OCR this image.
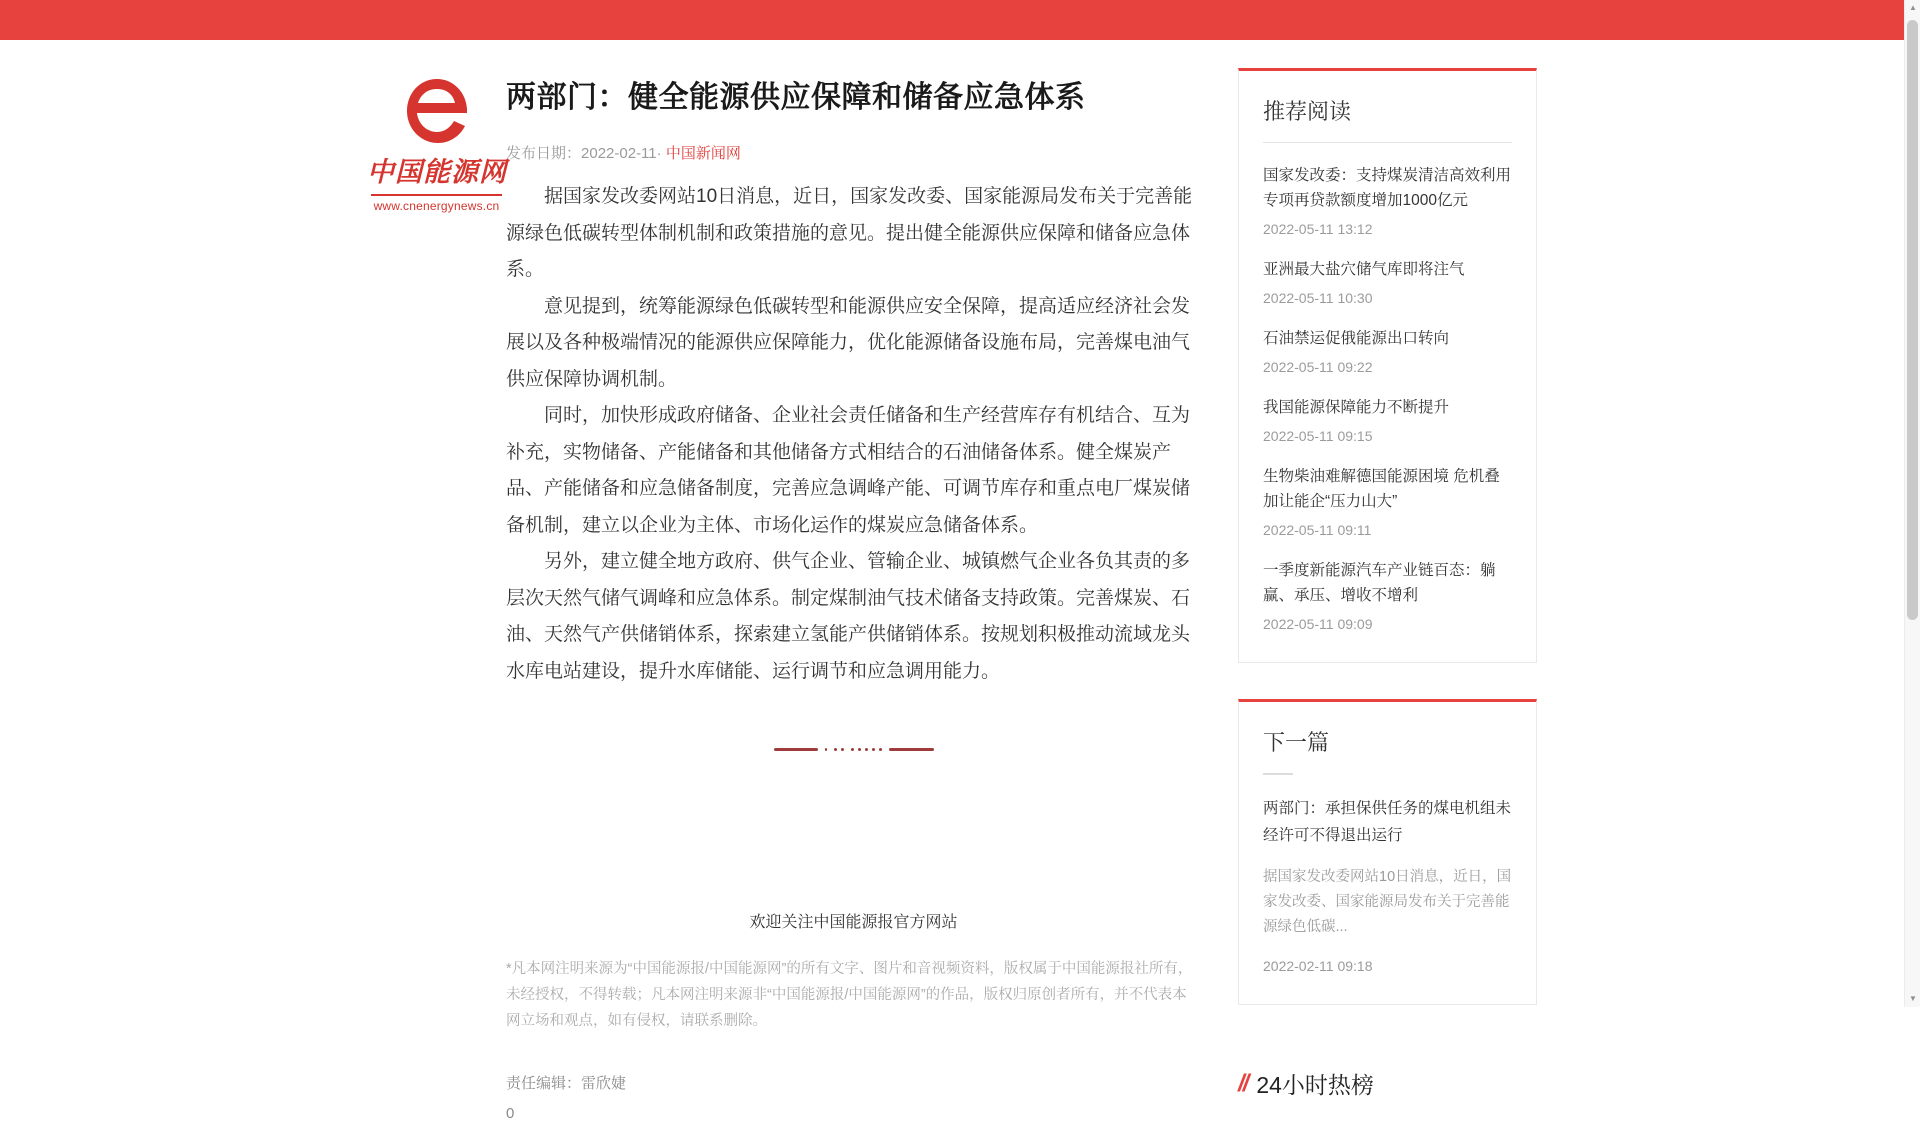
中国能源网
www.cnenergynews.cn
两部门：健全能源供应保障和储备应急体系
发布日期：2022-02-11· 中国新闻网

据国家发改委网站10日消息，近日，国家发改委、国家能源局发布关于完善能源绿色低碳转型体制机制和政策措施的意见。提出健全能源供应保障和储备应急体系。

意见提到，统筹能源绿色低碳转型和能源供应安全保障，提高适应经济社会发展以及各种极端情况的能源供应保障能力，优化能源储备设施布局，完善煤电油气供应保障协调机制。

同时，加快形成政府储备、企业社会责任储备和生产经营库存有机结合、互为补充，实物储备、产能储备和其他储备方式相结合的石油储备体系。健全煤炭产品、产能储备和应急储备制度，完善应急调峰产能、可调节库存和重点电厂煤炭储备机制，建立以企业为主体、市场化运作的煤炭应急储备体系。

另外，建立健全地方政府、供气企业、管输企业、城镇燃气企业各负其责的多层次天然气储气调峰和应急体系。制定煤制油气技术储备支持政策。完善煤炭、石油、天然气产供储销体系，探索建立氢能产供储销体系。按规划积极推动流域龙头水库电站建设，提升水库储能、运行调节和应急调用能力。

欢迎关注中国能源报官方网站
*凡本网注明来源为“中国能源报/中国能源网”的所有文字、图片和音视频资料，版权属于中国能源报社所有，未经授权，不得转载；凡本网注明来源非“中国能源报/中国能源网”的作品，版权归原创者所有，并不代表本网立场和观点，如有侵权，请联系删除。
责任编辑：雷欣婕
0
推荐阅读
国家发改委：支持煤炭清洁高效利用专项再贷款额度增加1000亿元
2022-05-11 13:12
亚洲最大盐穴储气库即将注气
2022-05-11 10:30
石油禁运促俄能源出口转向
2022-05-11 09:22
我国能源保障能力不断提升
2022-05-11 09:15
生物柴油难解德国能源困境 危机叠加让能企“压力山大”
2022-05-11 09:11
一季度新能源汽车产业链百态：躺赢、承压、增收不增利
2022-05-11 09:09
下一篇
两部门：承担保供任务的煤电机组未经许可不得退出运行
据国家发改委网站10日消息，近日，国家发改委、国家能源局发布关于完善能源绿色低碳...
2022-02-11 09:18
// 24小时热榜
▲
▼
